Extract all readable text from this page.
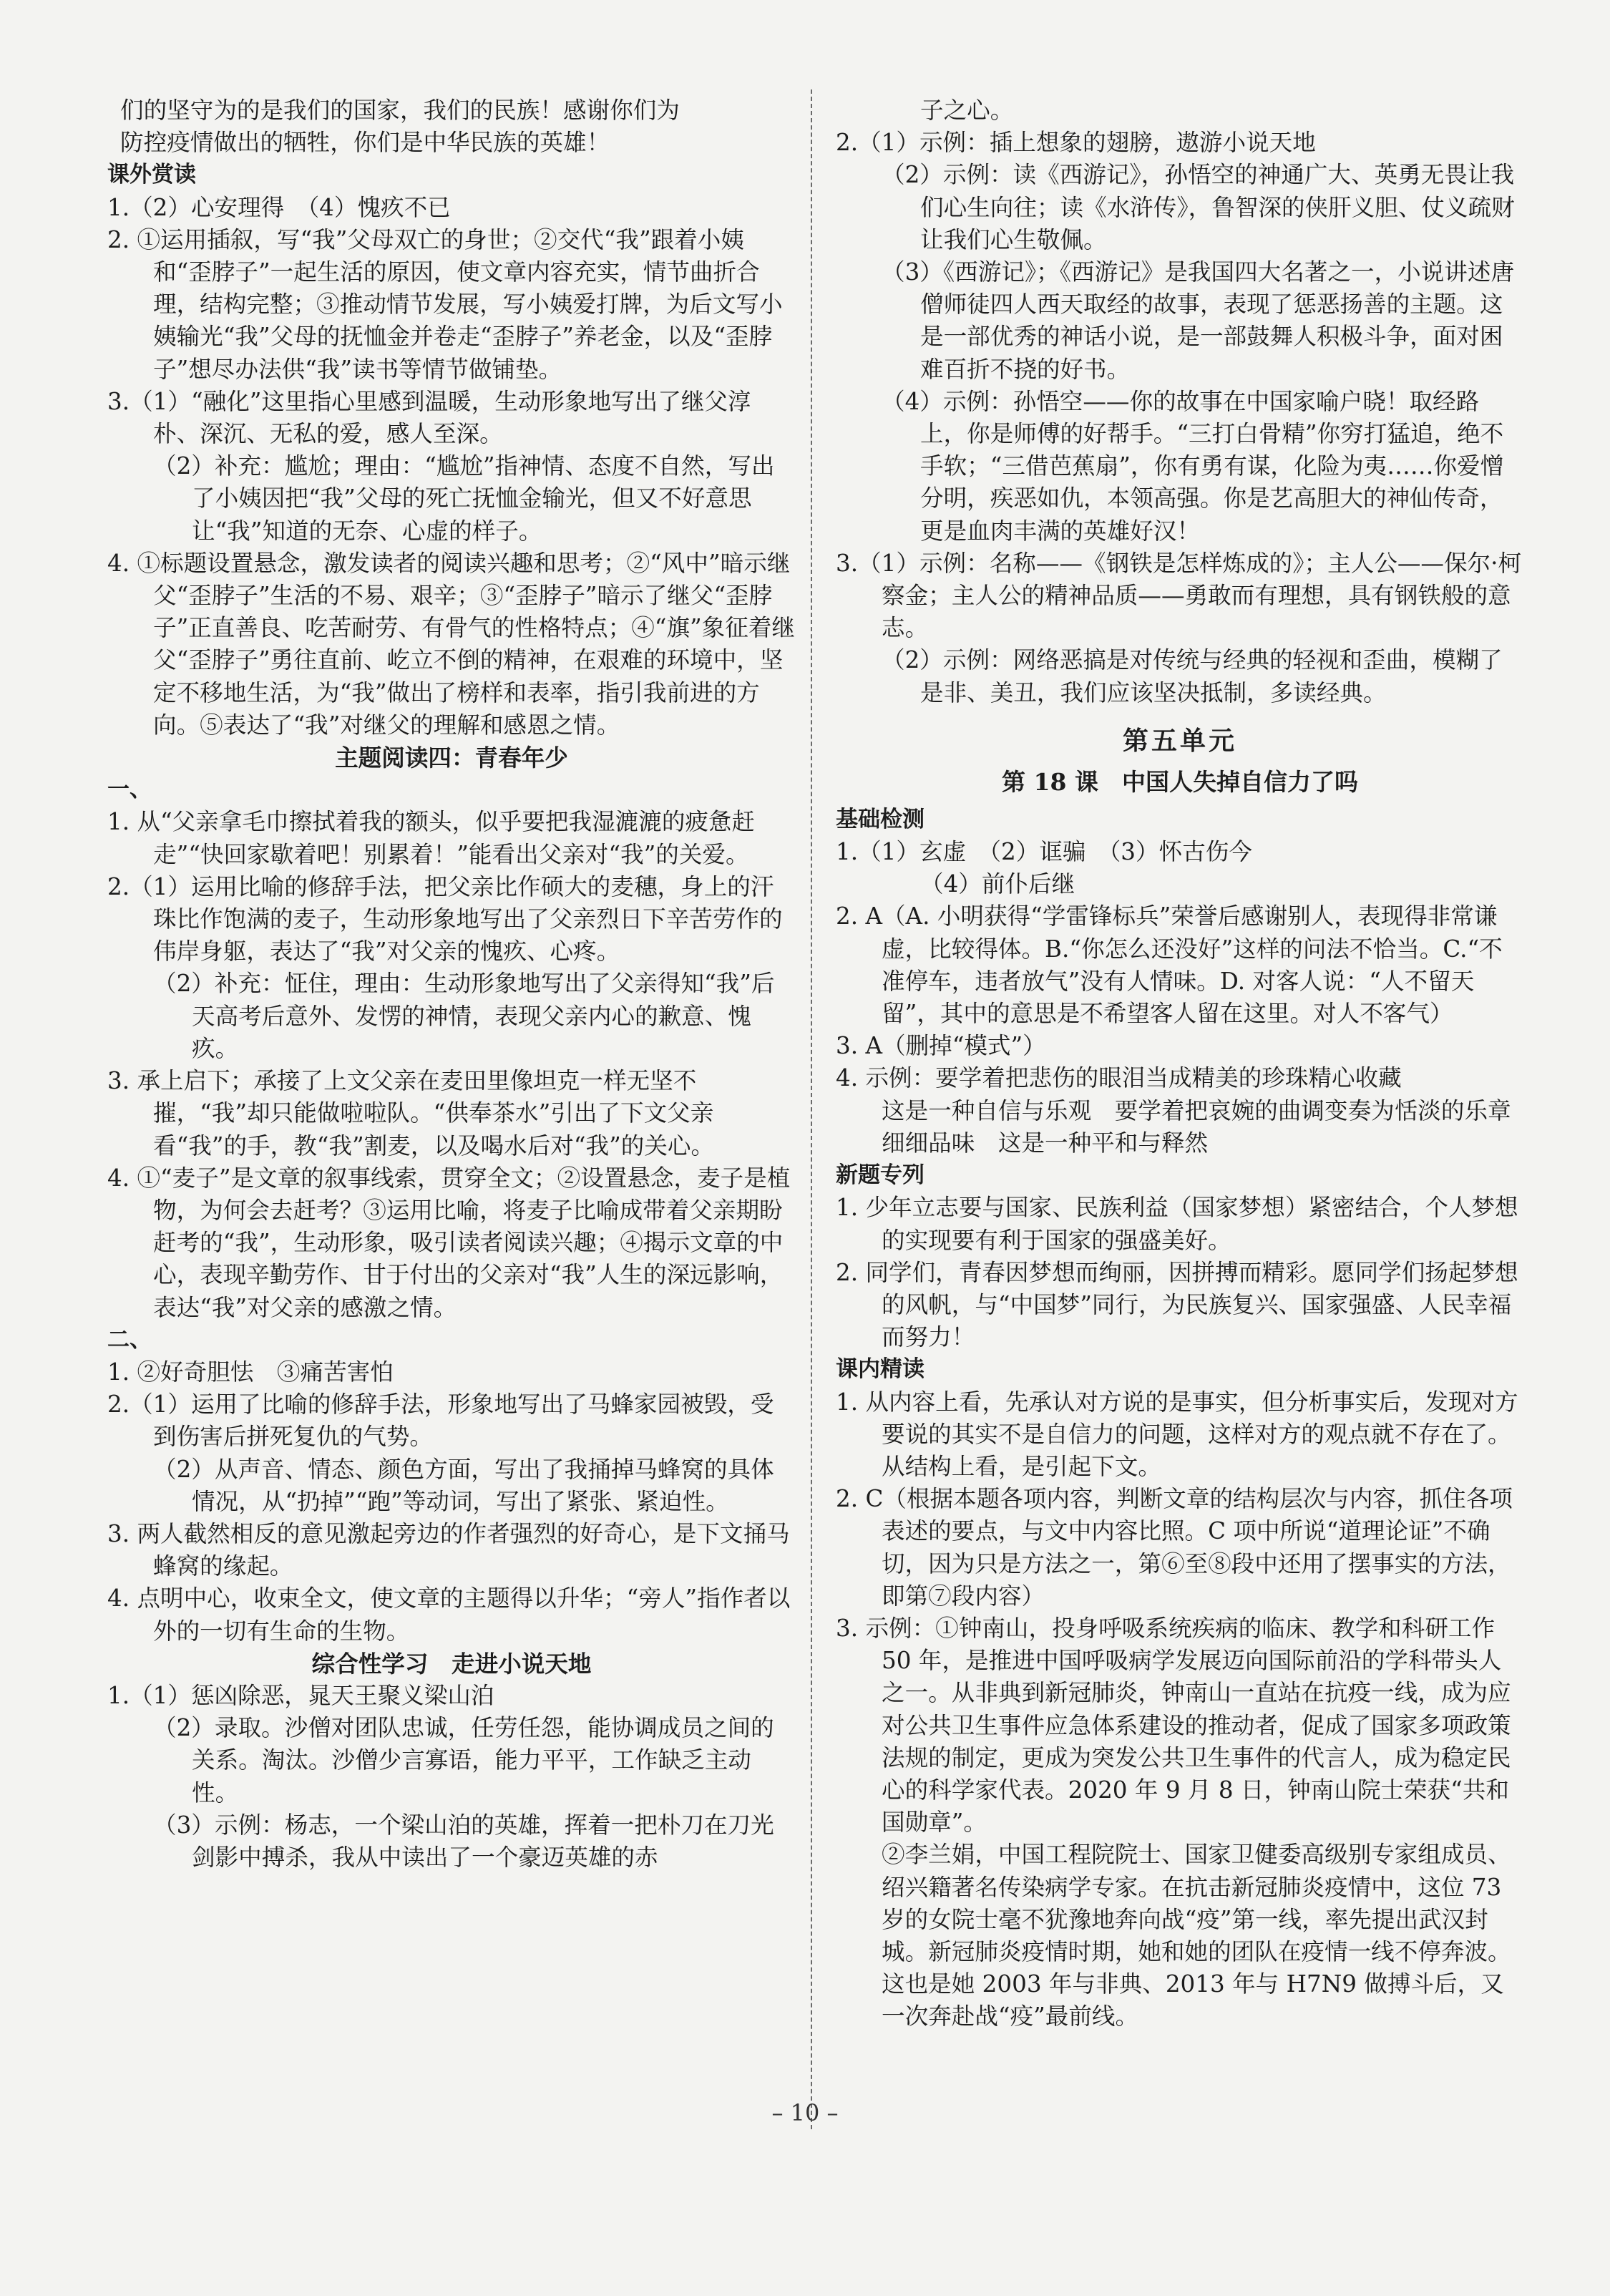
们的坚守为的是我们的国家，我们的民族！感谢你们为

防控疫情做出的牺牲，你们是中华民族的英雄！

课外赏读

1.（2）心安理得　（4）愧疚不已

2. ①运用插叙，写“我”父母双亡的身世；②交代“我”跟着小姨和“歪脖子”一起生活的原因，使文章内容充实，情节曲折合理，结构完整；③推动情节发展，写小姨爱打牌，为后文写小姨输光“我”父母的抚恤金并卷走“歪脖子”养老金，以及“歪脖子”想尽办法供“我”读书等情节做铺垫。

3.（1）“融化”这里指心里感到温暖，生动形象地写出了继父淳朴、深沉、无私的爱，感人至深。

（2）补充：尴尬；理由：“尴尬”指神情、态度不自然，写出了小姨因把“我”父母的死亡抚恤金输光，但又不好意思让“我”知道的无奈、心虚的样子。

4. ①标题设置悬念，激发读者的阅读兴趣和思考；②“风中”暗示继父“歪脖子”生活的不易、艰辛；③“歪脖子”暗示了继父“歪脖子”正直善良、吃苦耐劳、有骨气的性格特点；④“旗”象征着继父“歪脖子”勇往直前、屹立不倒的精神，在艰难的环境中，坚定不移地生活，为“我”做出了榜样和表率，指引我前进的方向。⑤表达了“我”对继父的理解和感恩之情。

主题阅读四：青春年少

一、

1. 从“父亲拿毛巾擦拭着我的额头，似乎要把我湿漉漉的疲惫赶走”“快回家歇着吧！别累着！”能看出父亲对“我”的关爱。

2.（1）运用比喻的修辞手法，把父亲比作硕大的麦穗，身上的汗珠比作饱满的麦子，生动形象地写出了父亲烈日下辛苦劳作的伟岸身躯，表达了“我”对父亲的愧疚、心疼。

（2）补充：怔住，理由：生动形象地写出了父亲得知“我”后天高考后意外、发愣的神情，表现父亲内心的歉意、愧疚。

3. 承上启下；承接了上文父亲在麦田里像坦克一样无坚不摧，“我”却只能做啦啦队。“供奉茶水”引出了下文父亲看“我”的手，教“我”割麦，以及喝水后对“我”的关心。

4. ①“麦子”是文章的叙事线索，贯穿全文；②设置悬念，麦子是植物，为何会去赶考？③运用比喻，将麦子比喻成带着父亲期盼赶考的“我”，生动形象，吸引读者阅读兴趣；④揭示文章的中心，表现辛勤劳作、甘于付出的父亲对“我”人生的深远影响，表达“我”对父亲的感激之情。

二、

1. ②好奇胆怯　③痛苦害怕

2.（1）运用了比喻的修辞手法，形象地写出了马蜂家园被毁，受到伤害后拼死复仇的气势。

（2）从声音、情态、颜色方面，写出了我捅掉马蜂窝的具体情况，从“扔掉”“跑”等动词，写出了紧张、紧迫性。

3. 两人截然相反的意见激起旁边的作者强烈的好奇心，是下文捅马蜂窝的缘起。

4. 点明中心，收束全文，使文章的主题得以升华；“旁人”指作者以外的一切有生命的生物。

综合性学习　走进小说天地

1.（1）惩凶除恶，晁天王聚义梁山泊

（2）录取。沙僧对团队忠诚，任劳任怨，能协调成员之间的关系。淘汰。沙僧少言寡语，能力平平，工作缺乏主动性。

（3）示例：杨志，一个梁山泊的英雄，挥着一把朴刀在刀光剑影中搏杀，我从中读出了一个豪迈英雄的赤

子之心。

2.（1）示例：插上想象的翅膀，遨游小说天地

（2）示例：读《西游记》，孙悟空的神通广大、英勇无畏让我们心生向往；读《水浒传》，鲁智深的侠肝义胆、仗义疏财让我们心生敬佩。

（3）《西游记》；《西游记》是我国四大名著之一，小说讲述唐僧师徒四人西天取经的故事，表现了惩恶扬善的主题。这是一部优秀的神话小说，是一部鼓舞人积极斗争，面对困难百折不挠的好书。

（4）示例：孙悟空——你的故事在中国家喻户晓！取经路上，你是师傅的好帮手。“三打白骨精”你穷打猛追，绝不手软；“三借芭蕉扇”，你有勇有谋，化险为夷……你爱憎分明，疾恶如仇，本领高强。你是艺高胆大的神仙传奇，更是血肉丰满的英雄好汉！

3.（1）示例：名称——《钢铁是怎样炼成的》；主人公——保尔·柯察金；主人公的精神品质——勇敢而有理想，具有钢铁般的意志。

（2）示例：网络恶搞是对传统与经典的轻视和歪曲，模糊了是非、美丑，我们应该坚决抵制，多读经典。

第五单元

第 18 课　中国人失掉自信力了吗

基础检测

1.（1）玄虚　（2）诓骗　（3）怀古伤今

（4）前仆后继

2. A（A. 小明获得“学雷锋标兵”荣誉后感谢别人，表现得非常谦虚，比较得体。B.“你怎么还没好”这样的问法不恰当。C.“不准停车，违者放气”没有人情味。D. 对客人说：“人不留天留”，其中的意思是不希望客人留在这里。对人不客气）

3. A（删掉“模式”）

4. 示例：要学着把悲伤的眼泪当成精美的珍珠精心收藏

这是一种自信与乐观　要学着把哀婉的曲调变奏为恬淡的乐章细细品味　这是一种平和与释然

新题专列

1. 少年立志要与国家、民族利益（国家梦想）紧密结合，个人梦想的实现要有利于国家的强盛美好。

2. 同学们，青春因梦想而绚丽，因拼搏而精彩。愿同学们扬起梦想的风帆，与“中国梦”同行，为民族复兴、国家强盛、人民幸福而努力！

课内精读

1. 从内容上看，先承认对方说的是事实，但分析事实后，发现对方要说的其实不是自信力的问题，这样对方的观点就不存在了。从结构上看，是引起下文。

2. C（根据本题各项内容，判断文章的结构层次与内容，抓住各项表述的要点，与文中内容比照。C 项中所说“道理论证”不确切，因为只是方法之一，第⑥至⑧段中还用了摆事实的方法，即第⑦段内容）

3. 示例：①钟南山，投身呼吸系统疾病的临床、教学和科研工作 50 年，是推进中国呼吸病学发展迈向国际前沿的学科带头人之一。从非典到新冠肺炎，钟南山一直站在抗疫一线，成为应对公共卫生事件应急体系建设的推动者，促成了国家多项政策法规的制定，更成为突发公共卫生事件的代言人，成为稳定民心的科学家代表。2020 年 9 月 8 日，钟南山院士荣获“共和国勋章”。

②李兰娟，中国工程院院士、国家卫健委高级别专家组成员、绍兴籍著名传染病学专家。在抗击新冠肺炎疫情中，这位 73 岁的女院士毫不犹豫地奔向战“疫”第一线，率先提出武汉封城。新冠肺炎疫情时期，她和她的团队在疫情一线不停奔波。这也是她 2003 年与非典、2013 年与 H7N9 做搏斗后，又一次奔赴战“疫”最前线。

– 10 –
